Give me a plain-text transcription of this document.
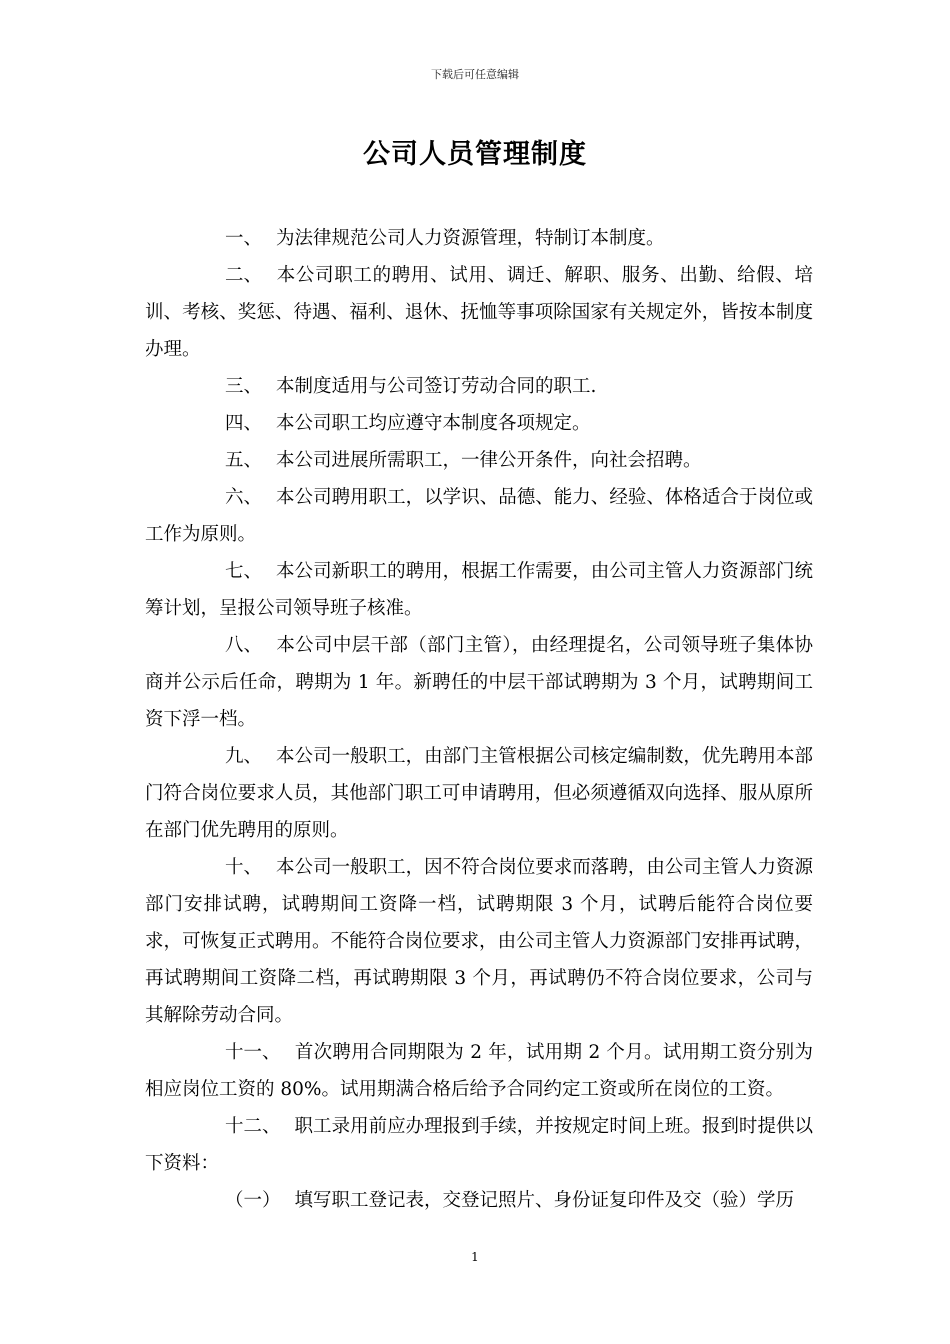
下载后可任意编辑
公司人员管理制度

一、 为法律规范公司人力资源管理，特制订本制度。

二、 本公司职工的聘用、试用、调迁、解职、服务、出勤、给假、培训、考核、奖惩、待遇、福利、退休、抚恤等事项除国家有关规定外，皆按本制度办理。

三、 本制度适用与公司签订劳动合同的职工.

四、 本公司职工均应遵守本制度各项规定。

五、 本公司进展所需职工，一律公开条件，向社会招聘。

六、 本公司聘用职工，以学识、品德、能力、经验、体格适合于岗位或工作为原则。

七、 本公司新职工的聘用，根据工作需要，由公司主管人力资源部门统筹计划，呈报公司领导班子核准。

八、 本公司中层干部（部门主管），由经理提名，公司领导班子集体协商并公示后任命，聘期为 1 年。新聘任的中层干部试聘期为 3 个月，试聘期间工资下浮一档。

九、 本公司一般职工，由部门主管根据公司核定编制数，优先聘用本部门符合岗位要求人员，其他部门职工可申请聘用，但必须遵循双向选择、服从原所在部门优先聘用的原则。

十、 本公司一般职工，因不符合岗位要求而落聘，由公司主管人力资源部门安排试聘，试聘期间工资降一档，试聘期限 3 个月，试聘后能符合岗位要求，可恢复正式聘用。不能符合岗位要求，由公司主管人力资源部门安排再试聘，再试聘期间工资降二档，再试聘期限 3 个月，再试聘仍不符合岗位要求，公司与其解除劳动合同。

十一、 首次聘用合同期限为 2 年，试用期 2 个月。试用期工资分别为相应岗位工资的 80%。试用期满合格后给予合同约定工资或所在岗位的工资。

十二、 职工录用前应办理报到手续，并按规定时间上班。报到时提供以下资料：

（一） 填写职工登记表，交登记照片、身份证复印件及交（验）学历

1
